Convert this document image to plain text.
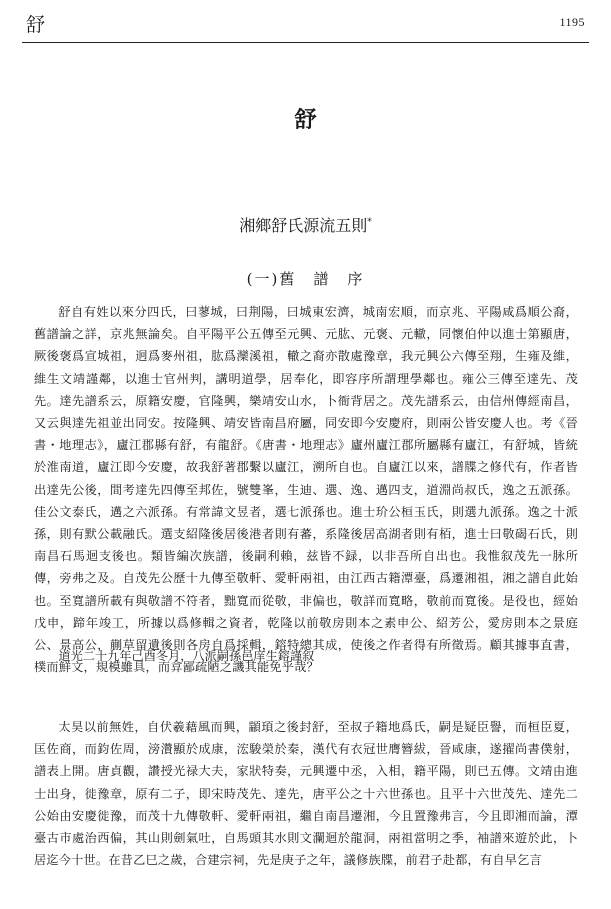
舒	1195
舒
湘鄉舒氏源流五則*
(一)舊　譜　序

舒自有姓以來分四氏，曰蓼城，曰荆陽，曰城東宏濟，城南宏順，而京兆、平陽咸爲順公裔，舊譜論之詳，京兆無論矣。自平陽平公五傳至元興、元肱、元褒、元轍，同懷伯仲以進士第顯唐，厥後褒爲宣城祖，迥爲麥州祖，肱爲灤溪祖，轍之裔亦散處豫章，我元興公六傳至翔，生雍及維，維生文靖謹鄰，以進士官州判，講明道學，居奉化，即容序所謂理學鄰也。雍公三傳至達先、茂先。達先譜系云，原籍安慶，官隆興，樂靖安山水，卜衙背居之。茂先譜系云，由信州傳經南昌，又云與達先祖並出同安。按隆興、靖安皆南昌府屬，同安即今安慶府，則兩公皆安慶人也。考《晉書・地理志》，廬江郡縣有舒，有龍舒。《唐書・地理志》廬州廬江郡所屬縣有廬江，有舒城，皆統於淮南道，廬江即今安慶，故我舒著郡繫以廬江，溯所自也。自廬江以來，譜牒之修代有，作者皆出達先公後，間考達先四傳至邦佐，號雙峯，生迪、選、逸、邁四支，道淵尚叔氏，逸之五派孫。佳公文泰氏，邁之六派孫。有常諱文昱者，選七派孫也。進士玠公桓玉氏，則選九派孫。逸之十派孫，則有默公載融氏。選支紹隆後居後港者則有蕃，系隆後居高湖者則有栢，進士曰敬碣石氏，則南昌石馬迴支後也。類皆編次族譜，後嗣利賴，兹皆不録，以非吾所自出也。我惟叙茂先一脉所傳，旁弗之及。自茂先公歷十九傳至敬軒、愛軒兩祖，由江西古籍潭臺，爲遷湘祖，湘之譜自此始也。至寬譜所載有與敬譜不符者，黜寬而從敬，非偏也，敬詳而寬略，敬前而寬後。是役也，經始戊申，蹄年竣工，所據以爲修輯之資者，乾隆以前敬房則本之素申公、紹芳公，愛房則本之景庭公、景高公，蒯草留遺後則各房自爲採輯，鎔特總其成，使後之作者得有所徵焉。顧其據事直書，樸而鮮文，規模雖具，而弇鄙疏陋之譏其能免乎哉？

道光二十九年己酉冬月，八派嗣孫邑庠生鎔謹叙

太昊以前無姓，自伏羲藉風而興，顓頊之後封舒，至叔子籍地爲氏，嗣是疑臣譽，而桓臣夏，匡佐商，而鈞佐周，滂灒顯於成康，浤駿榮於秦，漢代有衣冠世膺簪紱，晉咸康，遂擢尚書僕射，譜表上開。唐貞觀，讚授光禄大夫，家狀特奏，元興遷中丞，入相，籍平陽，則已五傳。文靖由進士出身，徙豫章，原有二子，即宋時茂先、達先，唐平公之十六世孫也。且平十六世茂先、達先二公始由安慶徙豫，而茂十九傳敬軒、愛軒兩祖，繼自南昌遷湘，今且置豫弗言，今且即湘而論，潭臺古市處治西偏，其山則劍氣吐，自馬頭其水則文瀾迴於龍洞，兩祖當明之季，袖譜來遊於此，卜居迄今十世。在昔乙巳之歲，合建宗祠，先是庚子之年，議修族牒，前君子赴都，有自早乞言
